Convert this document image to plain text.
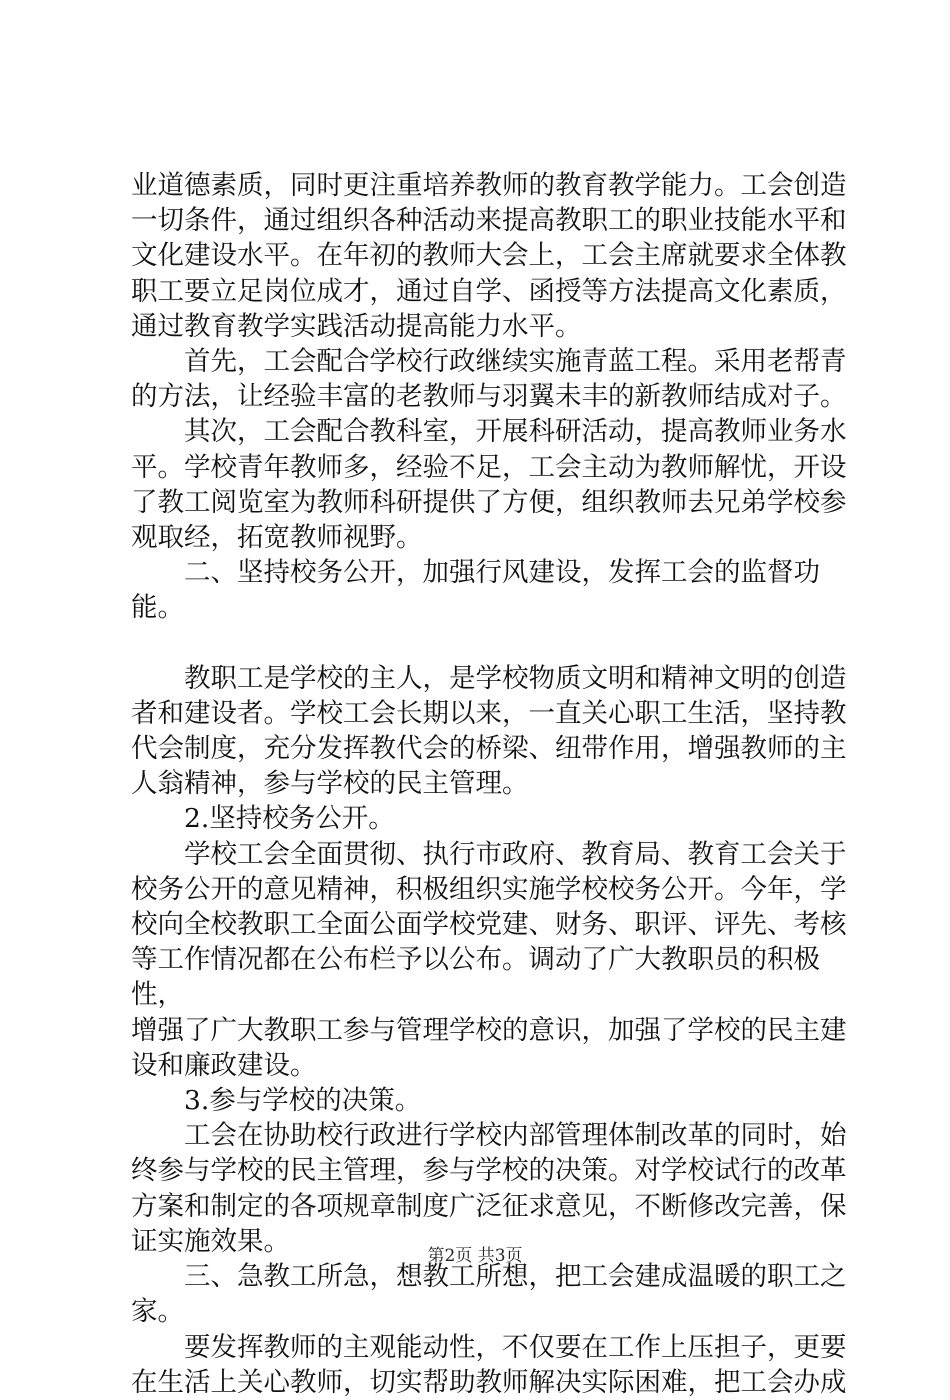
业道德素质，同时更注重培养教师的教育教学能力。工会创造
一切条件，通过组织各种活动来提高教职工的职业技能水平和
文化建设水平。在年初的教师大会上，工会主席就要求全体教
职工要立足岗位成才，通过自学、函授等方法提高文化素质，
通过教育教学实践活动提高能力水平。
首先，工会配合学校行政继续实施青蓝工程。采用老帮青
的方法，让经验丰富的老教师与羽翼未丰的新教师结成对子。
其次，工会配合教科室，开展科研活动，提高教师业务水
平。学校青年教师多，经验不足，工会主动为教师解忧，开设
了教工阅览室为教师科研提供了方便，组织教师去兄弟学校参
观取经，拓宽教师视野。
二、坚持校务公开，加强行风建设，发挥工会的监督功能。
教职工是学校的主人，是学校物质文明和精神文明的创造
者和建设者。学校工会长期以来，一直关心职工生活，坚持教
代会制度，充分发挥教代会的桥梁、纽带作用，增强教师的主
人翁精神，参与学校的民主管理。
2.坚持校务公开。
学校工会全面贯彻、执行市政府、教育局、教育工会关于
校务公开的意见精神，积极组织实施学校校务公开。今年，学
校向全校教职工全面公面学校党建、财务、职评、评先、考核
等工作情况都在公布栏予以公布。调动了广大教职员的积极性，
增强了广大教职工参与管理学校的意识，加强了学校的民主建
设和廉政建设。
3.参与学校的决策。
工会在协助校行政进行学校内部管理体制改革的同时，始
终参与学校的民主管理，参与学校的决策。对学校试行的改革
方案和制定的各项规章制度广泛征求意见，不断修改完善，保
证实施效果。
三、急教工所急，想教工所想，把工会建成温暖的职工之
家。
要发挥教师的主观能动性，不仅要在工作上压担子，更要
在生活上关心教师，切实帮助教师解决实际困难，把工会办成
第2页 共3页
